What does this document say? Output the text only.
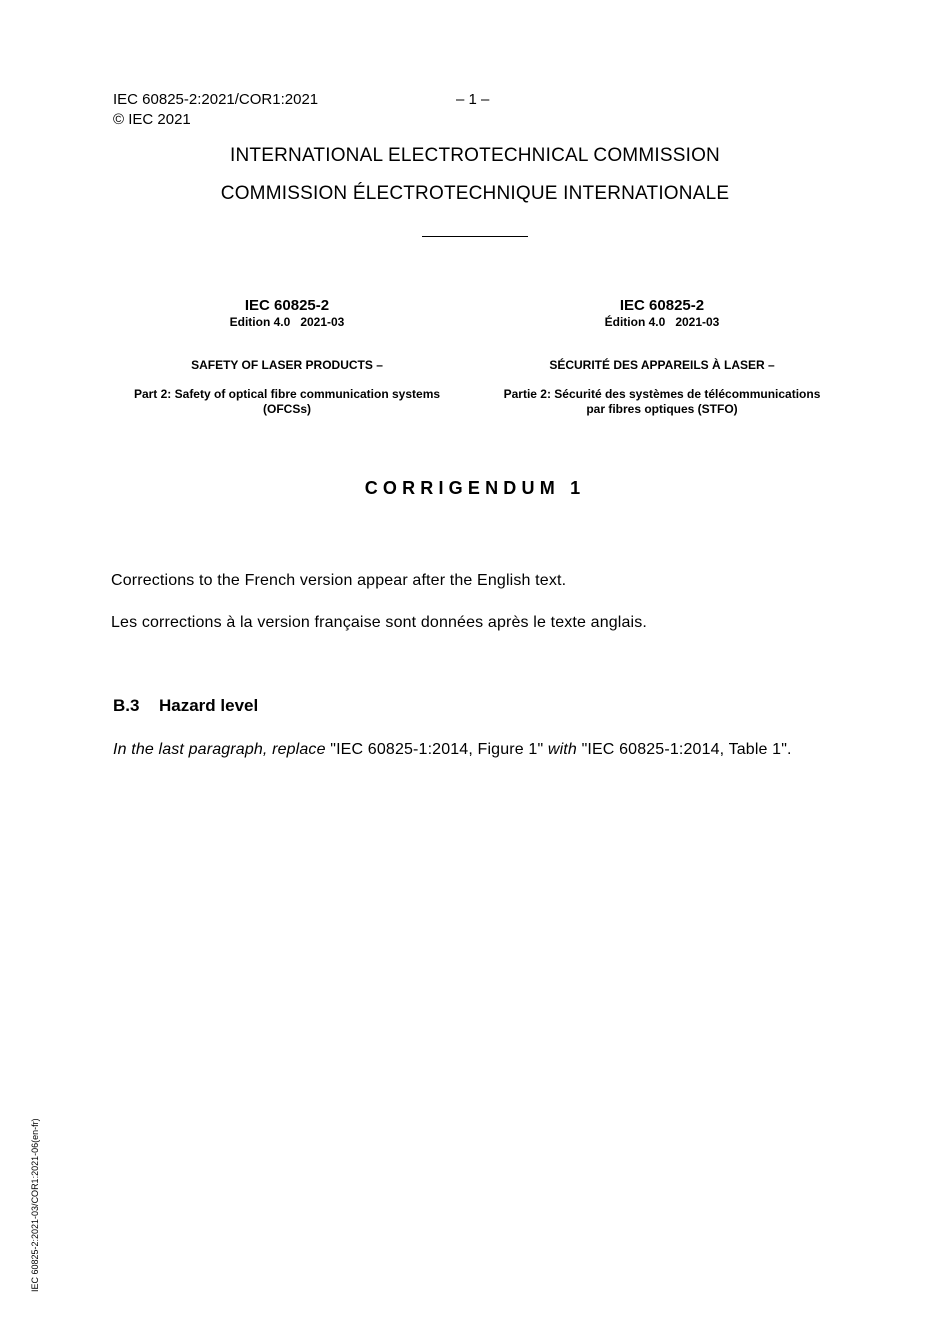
IEC 60825-2:2021/COR1:2021	– 1 –
© IEC 2021
INTERNATIONAL ELECTROTECHNICAL COMMISSION
COMMISSION ÉLECTROTECHNIQUE INTERNATIONALE
IEC 60825-2
Edition 4.0   2021-03
SAFETY OF LASER PRODUCTS –
Part 2: Safety of optical fibre communication systems (OFCSs)
IEC 60825-2
Édition 4.0   2021-03
SÉCURITÉ DES APPAREILS À LASER –
Partie 2: Sécurité des systèmes de télécommunications par fibres optiques (STFO)
CORRIGENDUM 1
Corrections to the French version appear after the English text.
Les corrections à la version française sont données après le texte anglais.
B.3 Hazard level
In the last paragraph, replace "IEC 60825-1:2014, Figure 1" with "IEC 60825-1:2014, Table 1".
IEC 60825-2:2021-03/COR1:2021-06(en-fr)
